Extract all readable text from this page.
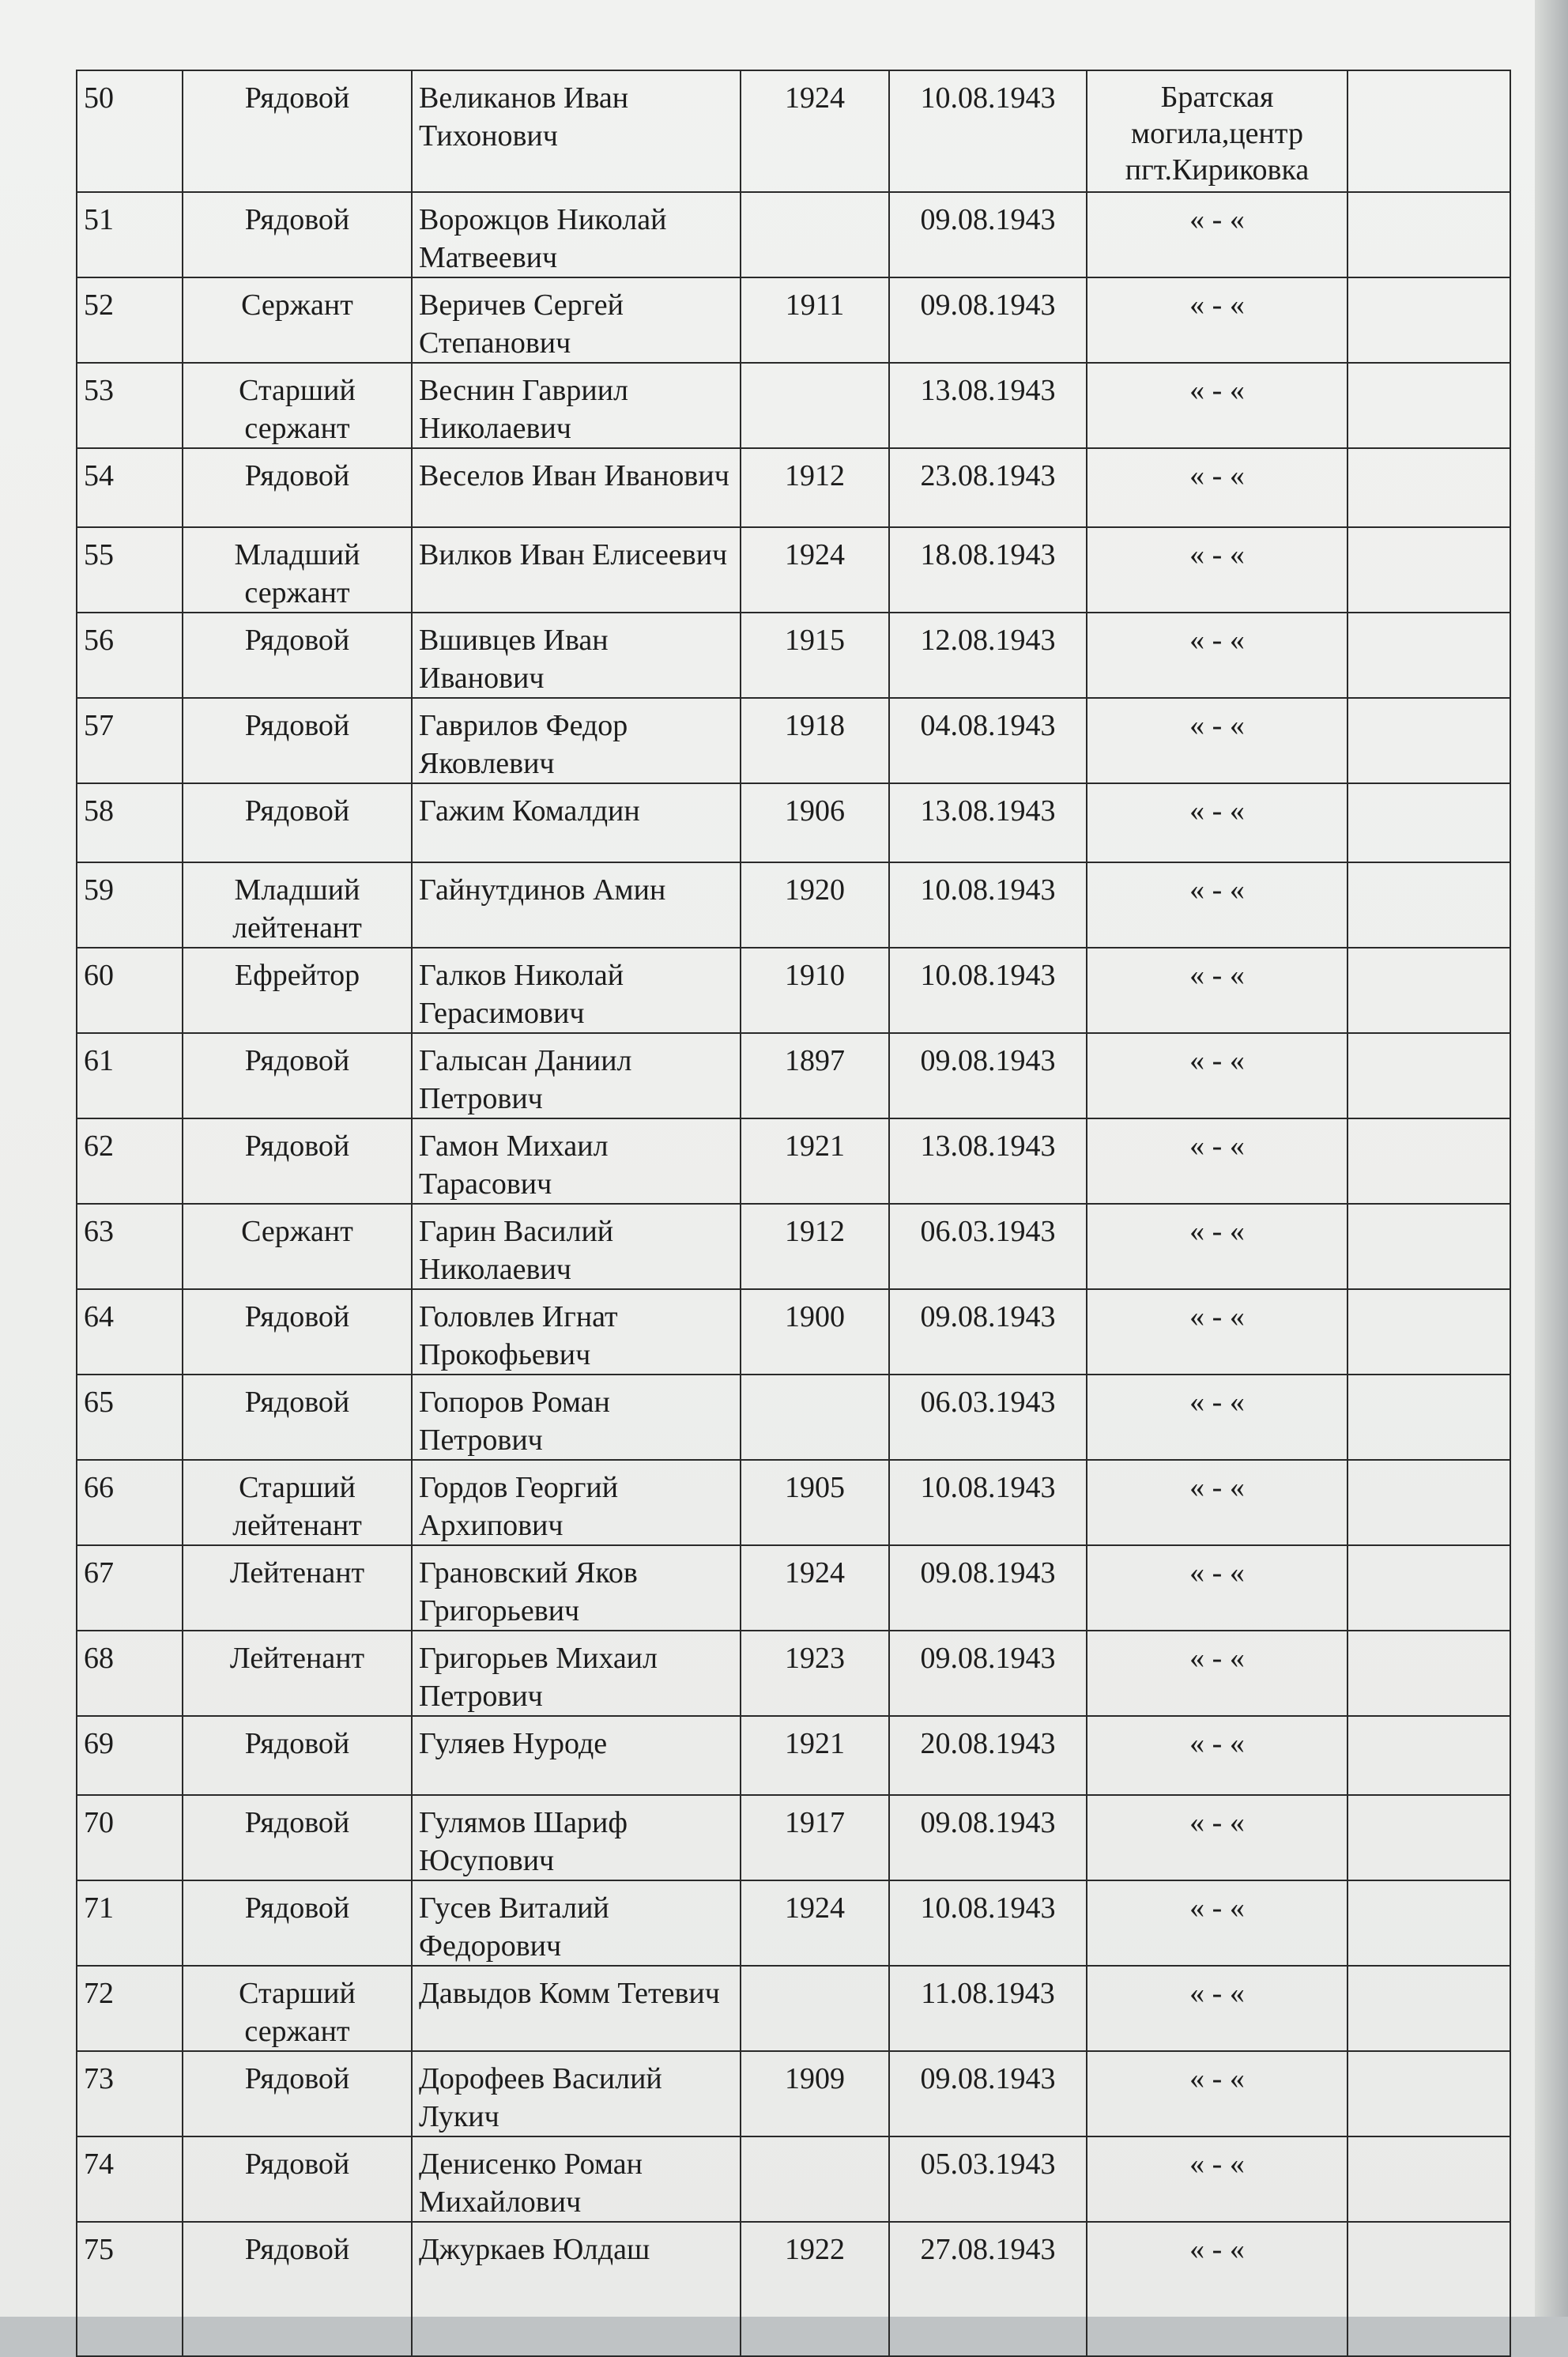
50	Рядовой	Великанов Иван Тихонович	1924	10.08.1943	Братская могила,центр пгт.Кириковка	
51	Рядовой	Ворожцов Николай Матвеевич		09.08.1943	« - «	
52	Сержант	Веричев Сергей Степанович	1911	09.08.1943	« - «	
53	Старший сержант	Веснин Гавриил Николаевич		13.08.1943	« - «	
54	Рядовой	Веселов Иван Иванович	1912	23.08.1943	« - «	
55	Младший сержант	Вилков Иван Елисеевич	1924	18.08.1943	« - «	
56	Рядовой	Вшивцев Иван Иванович	1915	12.08.1943	« - «	
57	Рядовой	Гаврилов Федор Яковлевич	1918	04.08.1943	« - «	
58	Рядовой	Гажим Комалдин	1906	13.08.1943	« - «	
59	Младший лейтенант	Гайнутдинов Амин	1920	10.08.1943	« - «	
60	Ефрейтор	Галков Николай Герасимович	1910	10.08.1943	« - «	
61	Рядовой	Галысан Даниил Петрович	1897	09.08.1943	« - «	
62	Рядовой	Гамон Михаил Тарасович	1921	13.08.1943	« - «	
63	Сержант	Гарин Василий Николаевич	1912	06.03.1943	« - «	
64	Рядовой	Головлев Игнат Прокофьевич	1900	09.08.1943	« - «	
65	Рядовой	Гопоров Роман Петрович		06.03.1943	« - «	
66	Старший лейтенант	Гордов Георгий Архипович	1905	10.08.1943	« - «	
67	Лейтенант	Грановский Яков Григорьевич	1924	09.08.1943	« - «	
68	Лейтенант	Григорьев Михаил Петрович	1923	09.08.1943	« - «	
69	Рядовой	Гуляев Нуроде	1921	20.08.1943	« - «	
70	Рядовой	Гулямов Шариф Юсупович	1917	09.08.1943	« - «	
71	Рядовой	Гусев Виталий Федорович	1924	10.08.1943	« - «	
72	Старший сержант	Давыдов Комм Тетевич		11.08.1943	« - «	
73	Рядовой	Дорофеев Василий Лукич	1909	09.08.1943	« - «	
74	Рядовой	Денисенко Роман Михайлович		05.03.1943	« - «	
75	Рядовой	Джуркаев Юлдаш	1922	27.08.1943	« - «	
